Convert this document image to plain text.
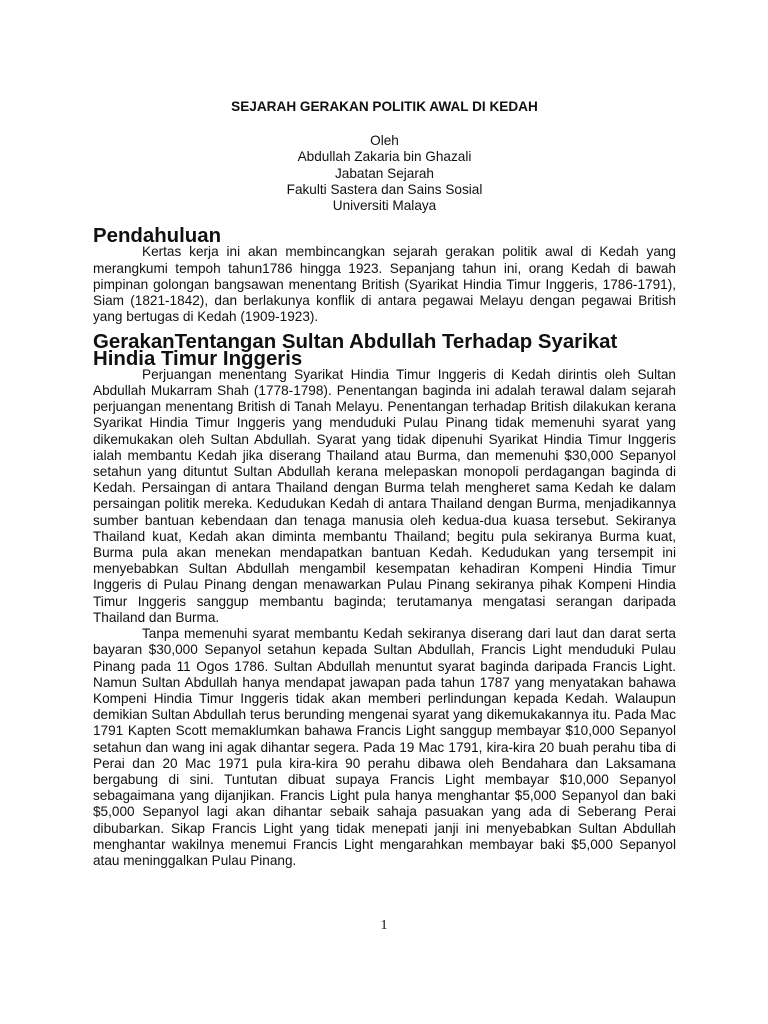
SEJARAH GERAKAN POLITIK AWAL DI KEDAH
Oleh
Abdullah Zakaria bin Ghazali
Jabatan Sejarah
Fakulti Sastera dan Sains Sosial
Universiti Malaya
Pendahuluan

Kertas kerja ini akan membincangkan sejarah gerakan politik awal di Kedah yang merangkumi tempoh tahun1786 hingga 1923. Sepanjang tahun ini, orang Kedah di bawah pimpinan golongan bangsawan menentang British (Syarikat Hindia Timur Inggeris, 1786-1791), Siam (1821-1842), dan berlakunya konflik di antara pegawai Melayu dengan pegawai British yang bertugas di Kedah (1909-1923).

GerakanTentangan Sultan Abdullah Terhadap Syarikat Hindia Timur Inggeris

Perjuangan menentang Syarikat Hindia Timur Inggeris di Kedah dirintis oleh Sultan Abdullah Mukarram Shah (1778-1798). Penentangan baginda ini adalah terawal dalam sejarah perjuangan menentang British di Tanah Melayu. Penentangan terhadap British dilakukan kerana Syarikat Hindia Timur Inggeris yang menduduki Pulau Pinang tidak memenuhi syarat yang dikemukakan oleh Sultan Abdullah. Syarat yang tidak dipenuhi Syarikat Hindia Timur Inggeris ialah membantu Kedah jika diserang Thailand atau Burma, dan memenuhi $30,000 Sepanyol setahun yang dituntut Sultan Abdullah kerana melepaskan monopoli perdagangan baginda di Kedah. Persaingan di antara Thailand dengan Burma telah mengheret sama Kedah ke dalam persaingan politik mereka. Kedudukan Kedah di antara Thailand dengan Burma, menjadikannya sumber bantuan kebendaan dan tenaga manusia oleh kedua-dua kuasa tersebut. Sekiranya Thailand kuat, Kedah akan diminta membantu Thailand; begitu pula sekiranya Burma kuat, Burma pula akan menekan mendapatkan bantuan Kedah. Kedudukan yang tersempit ini menyebabkan Sultan Abdullah mengambil kesempatan kehadiran Kompeni Hindia Timur Inggeris di Pulau Pinang dengan menawarkan Pulau Pinang sekiranya pihak Kompeni Hindia Timur Inggeris sanggup membantu baginda; terutamanya mengatasi serangan daripada Thailand dan Burma.

Tanpa memenuhi syarat membantu Kedah sekiranya diserang dari laut dan darat serta bayaran $30,000 Sepanyol setahun kepada Sultan Abdullah, Francis Light menduduki Pulau Pinang pada 11 Ogos 1786. Sultan Abdullah menuntut syarat baginda daripada Francis Light. Namun Sultan Abdullah hanya mendapat jawapan pada tahun 1787 yang menyatakan bahawa Kompeni Hindia Timur Inggeris tidak akan memberi perlindungan kepada Kedah. Walaupun demikian Sultan Abdullah terus berunding mengenai syarat yang dikemukakannya itu. Pada Mac 1791 Kapten Scott memaklumkan bahawa Francis Light sanggup membayar $10,000 Sepanyol setahun dan wang ini agak dihantar segera. Pada 19 Mac 1791, kira-kira 20 buah perahu tiba di Perai dan 20 Mac 1971 pula kira-kira 90 perahu dibawa oleh Bendahara dan Laksamana bergabung di sini. Tuntutan dibuat supaya Francis Light membayar $10,000 Sepanyol sebagaimana yang dijanjikan. Francis Light pula hanya menghantar $5,000 Sepanyol dan baki $5,000 Sepanyol lagi akan dihantar sebaik sahaja pasuakan yang ada di Seberang Perai dibubarkan. Sikap Francis Light yang tidak menepati janji ini menyebabkan Sultan Abdullah menghantar wakilnya menemui Francis Light mengarahkan membayar baki $5,000 Sepanyol atau meninggalkan Pulau Pinang.

1
